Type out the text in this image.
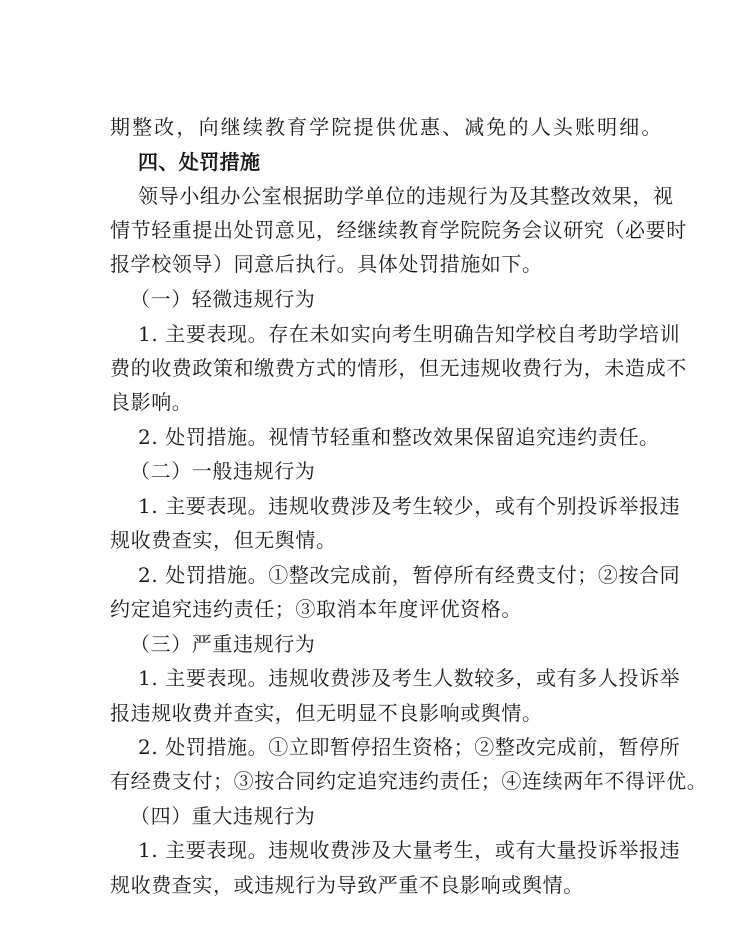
期整改，向继续教育学院提供优惠、减免的人头账明细。
四、处罚措施
领导小组办公室根据助学单位的违规行为及其整改效果，视
情节轻重提出处罚意见，经继续教育学院院务会议研究（必要时
报学校领导）同意后执行。具体处罚措施如下。
（一）轻微违规行为
1. 主要表现。存在未如实向考生明确告知学校自考助学培训
费的收费政策和缴费方式的情形，但无违规收费行为，未造成不
良影响。
2. 处罚措施。视情节轻重和整改效果保留追究违约责任。
（二）一般违规行为
1. 主要表现。违规收费涉及考生较少，或有个别投诉举报违
规收费查实，但无舆情。
2. 处罚措施。①整改完成前，暂停所有经费支付；②按合同
约定追究违约责任；③取消本年度评优资格。
（三）严重违规行为
1. 主要表现。违规收费涉及考生人数较多，或有多人投诉举
报违规收费并查实，但无明显不良影响或舆情。
2. 处罚措施。①立即暂停招生资格；②整改完成前，暂停所
有经费支付；③按合同约定追究违约责任；④连续两年不得评优。
（四）重大违规行为
1. 主要表现。违规收费涉及大量考生，或有大量投诉举报违
规收费查实，或违规行为导致严重不良影响或舆情。
